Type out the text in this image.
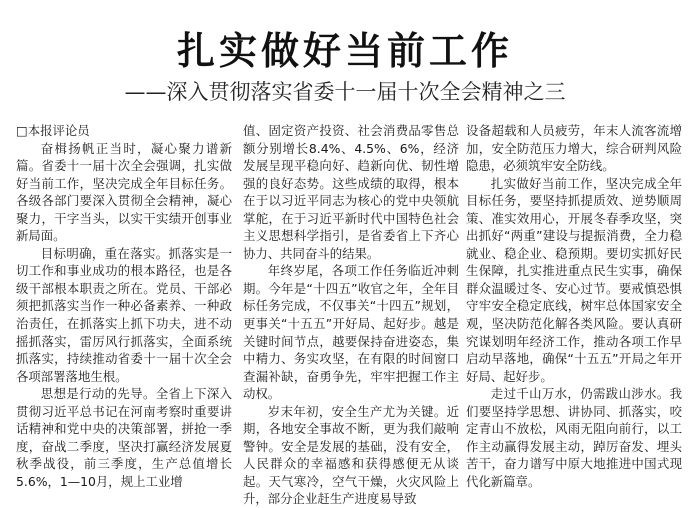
扎实做好当前工作
——深入贯彻落实省委十一届十次全会精神之三

□本报评论员

奋楫扬帆正当时，凝心聚力谱新篇。省委十一届十次全会强调，扎实做好当前工作，坚决完成全年目标任务。各级各部门要深入贯彻全会精神，凝心聚力，干字当头，以实干实绩开创事业新局面。

目标明确，重在落实。抓落实是一切工作和事业成功的根本路径，也是各级干部根本职责之所在。党员、干部必须把抓落实当作一种必备素养、一种政治责任，在抓落实上抓下功夫，进不动摇抓落实，雷厉风行抓落实，全面系统抓落实，持续推动省委十一届十次全会各项部署落地生根。

思想是行动的先导。全省上下深入贯彻习近平总书记在河南考察时重要讲话精神和党中央的决策部署，拼抢一季度，奋战二季度，坚决打赢经济发展夏秋季战役，前三季度，生产总值增长5.6%，1—10月，规上工业增

值、固定资产投资、社会消费品零售总额分别增长8.4%、4.5%、6%，经济发展呈现平稳向好、趋新向优、韧性增强的良好态势。这些成绩的取得，根本在于以习近平同志为核心的党中央领航掌舵，在于习近平新时代中国特色社会主义思想科学指引，是省委省上下齐心协力、共同奋斗的结果。

年终岁尾，各项工作任务临近冲刺期。今年是“十四五”收官之年，全年目标任务完成，不仅事关“十四五”规划，更事关“十五五”开好局、起好步。越是关键时间节点，越要保持奋进姿态，集中精力、务实攻坚，在有限的时间窗口查漏补缺，奋勇争先，牢牢把握工作主动权。

岁末年初，安全生产尤为关键。近期，各地安全事故不断，更为我们敲响警钟。安全是发展的基础，没有安全，人民群众的幸福感和获得感便无从谈起。天气寒冷，空气干燥，火灾风险上升，部分企业赶生产进度易导致

设备超载和人员疲劳，年末人流客流增加，安全防范压力增大，综合研判风险隐患，必须筑牢安全防线。

扎实做好当前工作，坚决完成全年目标任务，要坚持抓提质效、逆势顺周策、准实效用心，开展冬春季攻坚，突出抓好“两重”建设与提振消费，全力稳就业、稳企业、稳预期。要切实抓好民生保障，扎实推进重点民生实事，确保群众温暖过冬、安心过节。要戒慎恐惧守牢安全稳定底线，树牢总体国家安全观，坚决防范化解各类风险。要认真研究谋划明年经济工作，推动各项工作早启动早落地，确保“十五五”开局之年开好局、起好步。

走过千山万水，仍需跋山涉水。我们要坚持学思想、讲协同、抓落实，咬定青山不放松，风雨无阻向前行，以工作主动赢得发展主动，踔厉奋发、埋头苦干，奋力谱写中原大地推进中国式现代化新篇章。
